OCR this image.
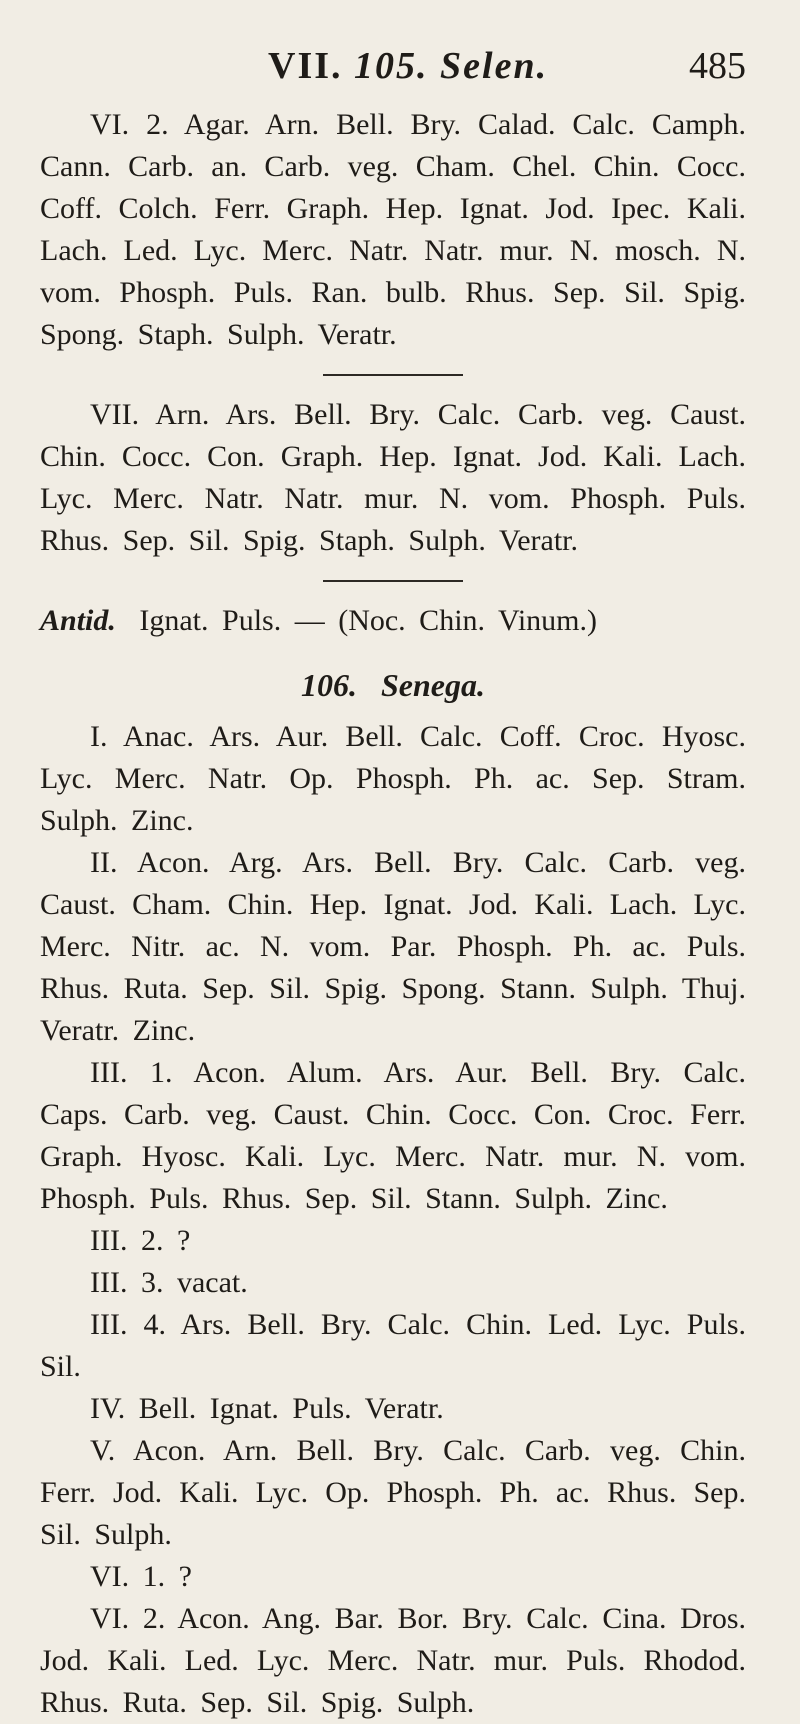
VII. 105. Selen.	485

VI. 2. Agar. Arn. Bell. Bry. Calad. Calc. Camph. Cann. Carb. an. Carb. veg. Cham. Chel. Chin. Cocc. Coff. Colch. Ferr. Graph. Hep. Ignat. Jod. Ipec. Kali. Lach. Led. Lyc. Merc. Natr. Natr. mur. N. mosch. N. vom. Phosph. Puls. Ran. bulb. Rhus. Sep. Sil. Spig. Spong. Staph. Sulph. Veratr.

VII. Arn. Ars. Bell. Bry. Calc. Carb. veg. Caust. Chin. Cocc. Con. Graph. Hep. Ignat. Jod. Kali. Lach. Lyc. Merc. Natr. Natr. mur. N. vom. Phosph. Puls. Rhus. Sep. Sil. Spig. Staph. Sulph. Veratr.

Antid. Ignat. Puls. — (Noc. Chin. Vinum.)

106. Senega.

I. Anac. Ars. Aur. Bell. Calc. Coff. Croc. Hyosc. Lyc. Merc. Natr. Op. Phosph. Ph. ac. Sep. Stram. Sulph. Zinc.

II. Acon. Arg. Ars. Bell. Bry. Calc. Carb. veg. Caust. Cham. Chin. Hep. Ignat. Jod. Kali. Lach. Lyc. Merc. Nitr. ac. N. vom. Par. Phosph. Ph. ac. Puls. Rhus. Ruta. Sep. Sil. Spig. Spong. Stann. Sulph. Thuj. Veratr. Zinc.

III. 1. Acon. Alum. Ars. Aur. Bell. Bry. Calc. Caps. Carb. veg. Caust. Chin. Cocc. Con. Croc. Ferr. Graph. Hyosc. Kali. Lyc. Merc. Natr. mur. N. vom. Phosph. Puls. Rhus. Sep. Sil. Stann. Sulph. Zinc.

III. 2. ?
III. 3. vacat.

III. 4. Ars. Bell. Bry. Calc. Chin. Led. Lyc. Puls. Sil.

IV. Bell. Ignat. Puls. Veratr.

V. Acon. Arn. Bell. Bry. Calc. Carb. veg. Chin. Ferr. Jod. Kali. Lyc. Op. Phosph. Ph. ac. Rhus. Sep. Sil. Sulph.

VI. 1. ?

VI. 2. Acon. Ang. Bar. Bor. Bry. Calc. Cina. Dros. Jod. Kali. Led. Lyc. Merc. Natr. mur. Puls. Rhodod. Rhus. Ruta. Sep. Sil. Spig. Sulph.
